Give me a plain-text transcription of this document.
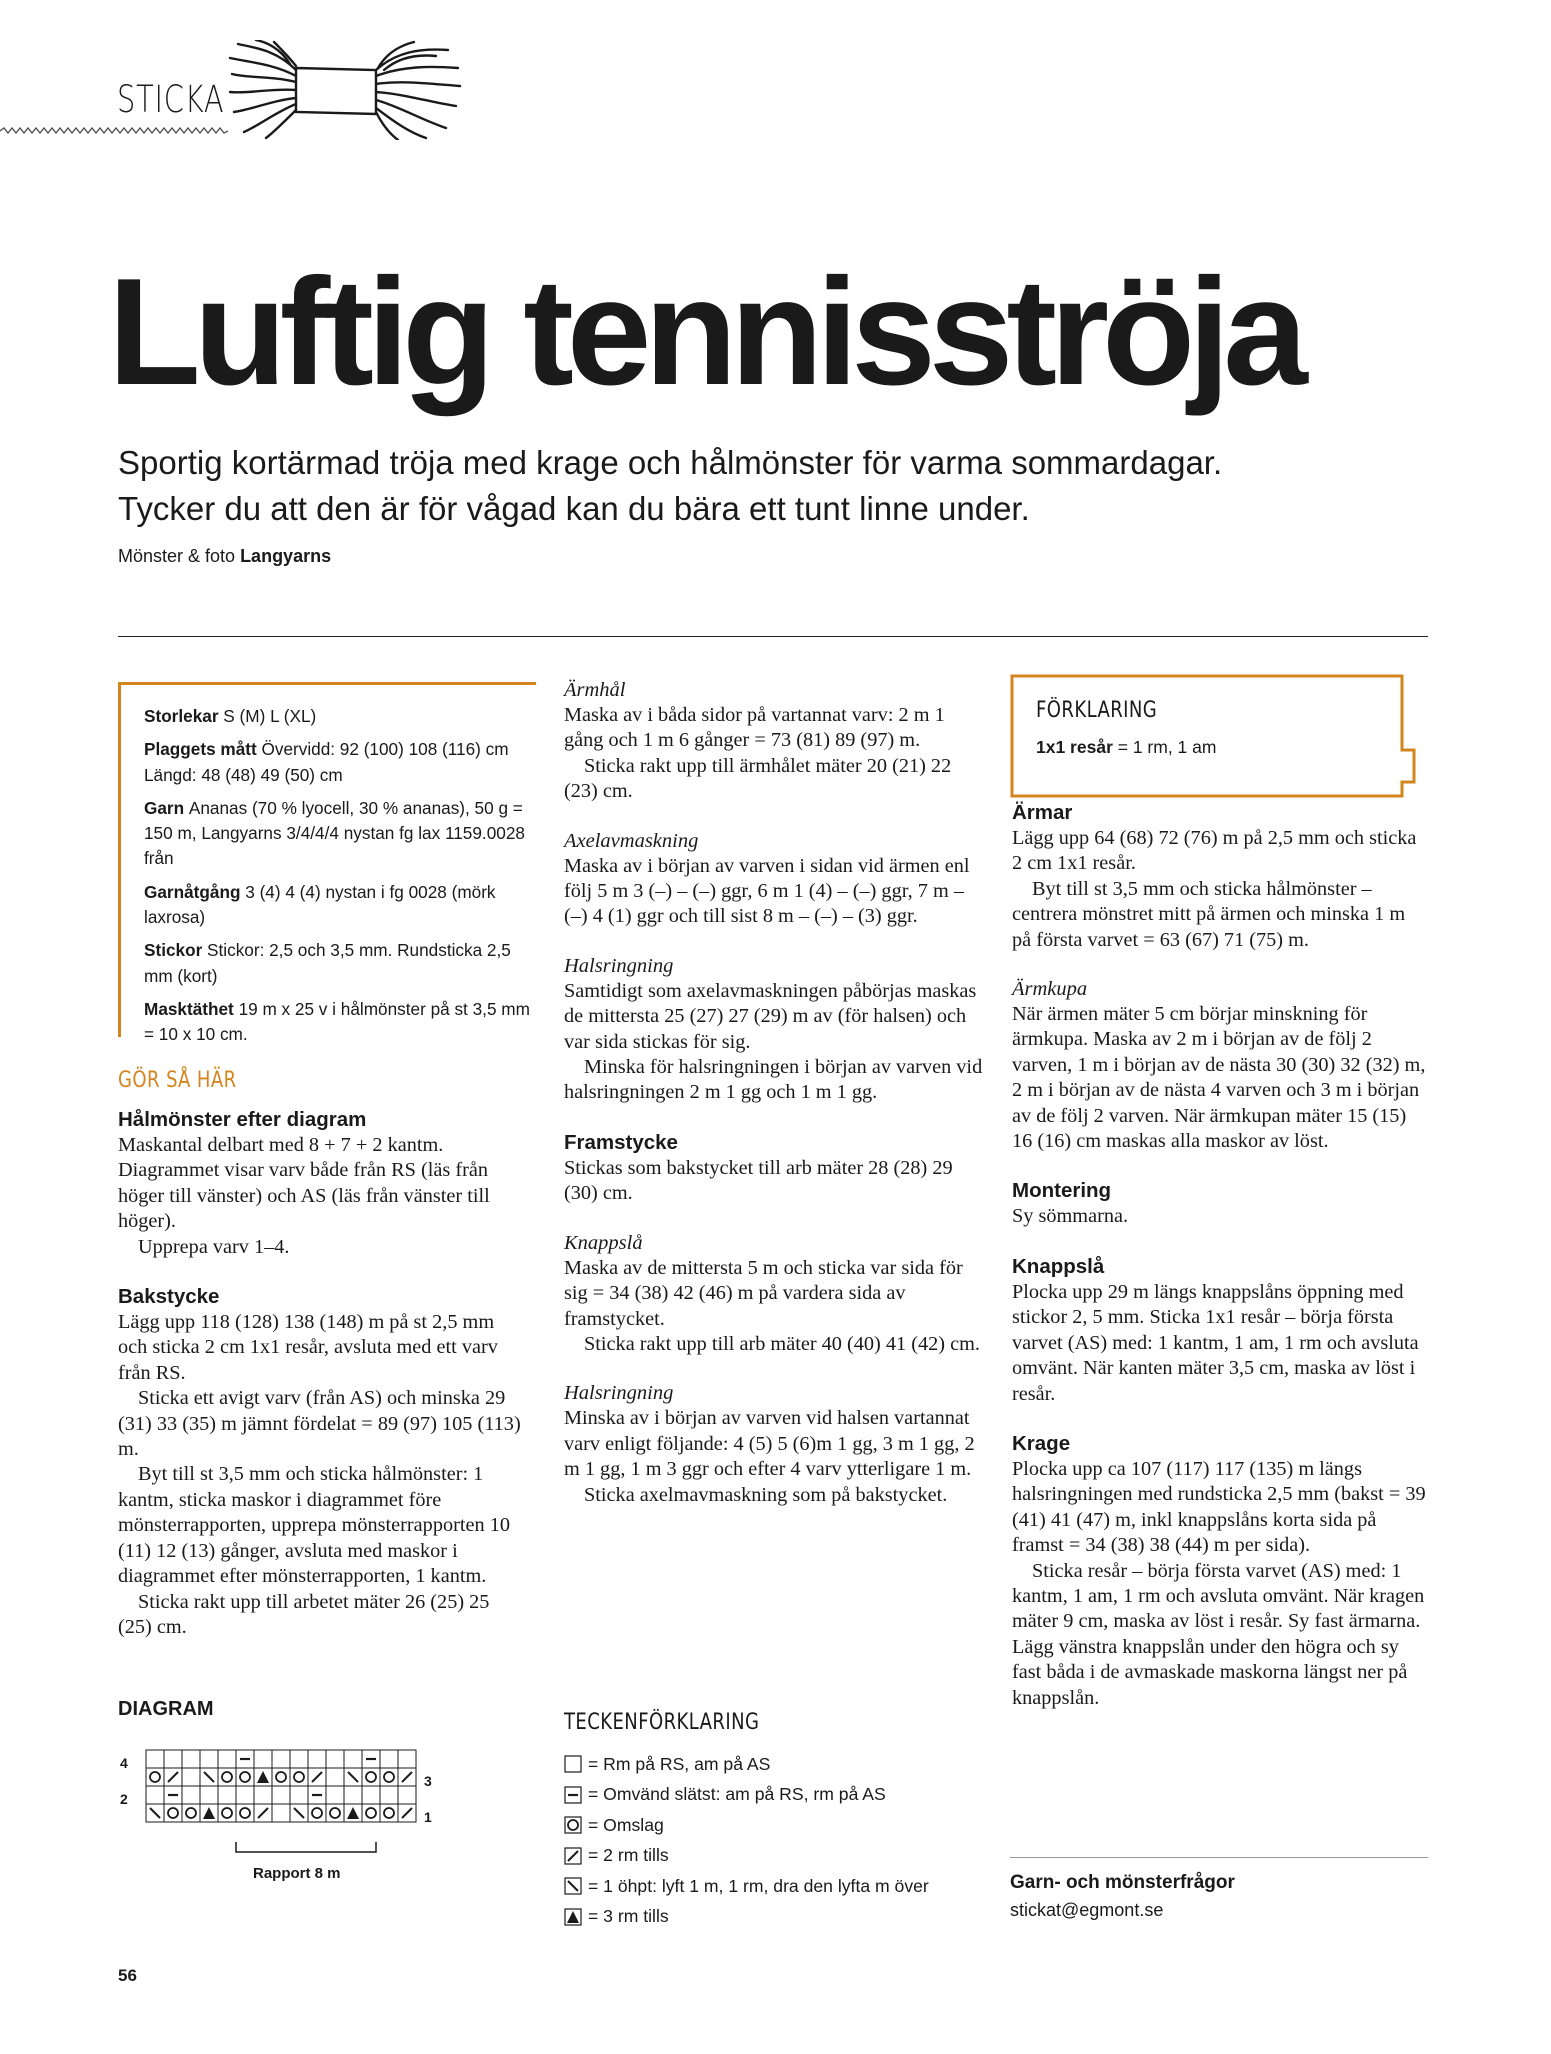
STICKA
Luftig tennisströja
Sportig kortärmad tröja med krage och hålmönster för varma sommardagar.
Tycker du att den är för vågad kan du bära ett tunt linne under.
Mönster & foto Langyarns
Storlekar S (M) L (XL)
Plaggets mått Övervidd: 92 (100) 108 (116) cm Längd: 48 (48) 49 (50) cm
Garn Ananas (70 % lyocell, 30 % ananas), 50 g = 150 m, Langyarns 3/4/4/4 nystan fg lax 1159.0028 från
Garnåtgång 3 (4) 4 (4) nystan i fg 0028 (mörk laxrosa)
Stickor Stickor: 2,5 och 3,5 mm. Rundsticka 2,5 mm (kort)
Masktäthet 19 m x 25 v i hålmönster på st 3,5 mm = 10 x 10 cm.
GÖR SÅ HÄR
Hålmönster efter diagram

Maskantal delbart med 8 + 7 + 2 kantm. Diagrammet visar varv både från RS (läs från höger till vänster) och AS (läs från vänster till höger).

Upprepa varv 1–4.

Bakstycke

Lägg upp 118 (128) 138 (148) m på st 2,5 mm och sticka 2 cm 1x1 resår, avsluta med ett varv från RS.

Sticka ett avigt varv (från AS) och minska 29 (31) 33 (35) m jämnt fördelat = 89 (97) 105 (113) m.

Byt till st 3,5 mm och sticka hålmönster: 1 kantm, sticka maskor i diagrammet före mönsterrapporten, upprepa mönsterrapporten 10 (11) 12 (13) gånger, avsluta med maskor i diagrammet efter mönsterrapporten, 1 kantm.

Sticka rakt upp till arbetet mäter 26 (25) 25 (25) cm.

DIAGRAM
4
3
2
1
Rapport 8 m
Ärmhål

Maska av i båda sidor på vartannat varv: 2 m 1 gång och 1 m 6 gånger = 73 (81) 89 (97) m.

Sticka rakt upp till ärmhålet mäter 20 (21) 22 (23) cm.

Axelavmaskning

Maska av i början av varven i sidan vid ärmen enl följ 5 m 3 (–) – (–) ggr, 6 m 1 (4) – (–) ggr, 7 m – (–) 4 (1) ggr och till sist 8 m – (–) – (3) ggr.

Halsringning

Samtidigt som axelavmaskningen påbörjas maskas de mittersta 25 (27) 27 (29) m av (för halsen) och var sida stickas för sig.

Minska för halsringningen i början av varven vid halsringningen 2 m 1 gg och 1 m 1 gg.

Framstycke

Stickas som bakstycket till arb mäter 28 (28) 29 (30) cm.

Knappslå

Maska av de mittersta 5 m och sticka var sida för sig = 34 (38) 42 (46) m på vardera sida av framstycket.

Sticka rakt upp till arb mäter 40 (40) 41 (42) cm.

Halsringning

Minska av i början av varven vid halsen vartannat varv enligt följande: 4 (5) 5 (6)m 1 gg, 3 m 1 gg, 2 m 1 gg, 1 m 3 ggr och efter 4 varv ytterligare 1 m.

Sticka axelmavmaskning som på bakstycket.

TECKENFÖRKLARING
= Rm på RS, am på AS
= Omvänd slätst: am på RS, rm på AS
= Omslag
= 2 rm tills
= 1 öhpt: lyft 1 m, 1 rm, dra den lyfta m över
= 3 rm tills
FÖRKLARING
1x1 resår = 1 rm, 1 am
Ärmar

Lägg upp 64 (68) 72 (76) m på 2,5 mm och sticka 2 cm 1x1 resår.

Byt till st 3,5 mm och sticka hålmönster – centrera mönstret mitt på ärmen och minska 1 m på första varvet = 63 (67) 71 (75) m.

Ärmkupa

När ärmen mäter 5 cm börjar minskning för ärmkupa. Maska av 2 m i början av de följ 2 varven, 1 m i början av de nästa 30 (30) 32 (32) m, 2 m i början av de nästa 4 varven och 3 m i början av de följ 2 varven. När ärmkupan mäter 15 (15) 16 (16) cm maskas alla maskor av löst.

Montering

Sy sömmarna.

Knappslå

Plocka upp 29 m längs knappslåns öppning med stickor 2, 5 mm. Sticka 1x1 resår – börja första varvet (AS) med: 1 kantm, 1 am, 1 rm och avsluta omvänt. När kanten mäter 3,5 cm, maska av löst i resår.

Krage

Plocka upp ca 107 (117) 117 (135) m längs halsringningen med rundsticka 2,5 mm (bakst = 39 (41) 41 (47) m, inkl knappslåns korta sida på framst = 34 (38) 38 (44) m per sida).

Sticka resår – börja första varvet (AS) med: 1 kantm, 1 am, 1 rm och avsluta omvänt. När kragen mäter 9 cm, maska av löst i resår. Sy fast ärmarna. Lägg vänstra knappslån under den högra och sy fast båda i de avmaskade maskorna längst ner på knappslån.

Garn- och mönsterfrågor
stickat@egmont.se
56
